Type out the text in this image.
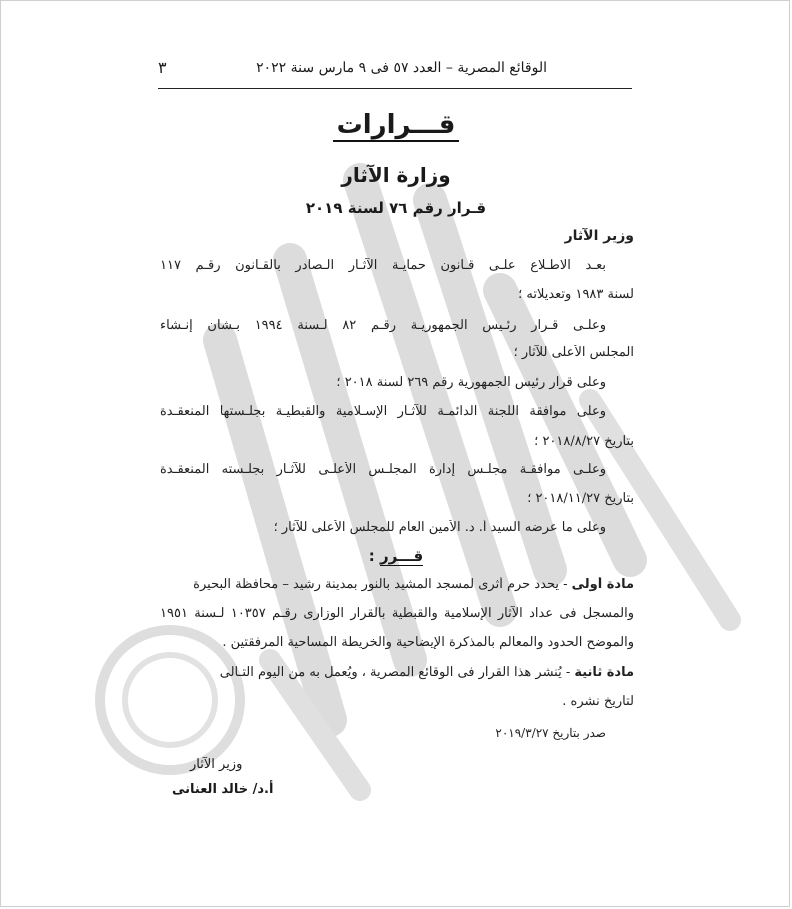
الوقائع المصرية – العدد ٥٧ فى ٩ مارس سنة ٢٠٢٢
٣
قـــرارات
وزارة الآثار
قـرار رقم ٧٦ لسنة ٢٠١٩
وزير الآثار
بعـد الاطـلاع علـى قـانون حمايـة الآثـار الـصادر بالقـانون رقـم ١١٧
لسنة ١٩٨٣ وتعديلاته ؛
وعلـى قـرار رئـيس الجمهوريـة رقـم ٨٢ لـسنة ١٩٩٤ بـشأن إنـشاء
المجلس الأعلى للآثار ؛
وعلى قرار رئيس الجمهورية رقم ٢٦٩ لسنة ٢٠١٨ ؛
وعلى موافقة اللجنة الدائمـة للآثـار الإسـلامية والقبطيـة بجلـستها المنعقـدة
بتاريخ ٢٠١٨/٨/٢٧ ؛
وعلـى موافقـة مجلـس إدارة المجلـس الأعلـى للآثـار بجلـسته المنعقـدة
بتاريخ ٢٠١٨/١١/٢٧ ؛
وعلى ما عرضه السيد أ. د. الأمين العام للمجلس الأعلى للآثار ؛
قـــرر :
مادة أولى - يحدد حرم أثرى لمسجد المشيد بالنور بمدينة رشيد – محافظة البحيرة
والمسجل فى عداد الآثار الإسلامية والقبطية بالقرار الوزارى رقـم ١٠٣٥٧ لـسنة ١٩٥١
والموضح الحدود والمعالم بالمذكرة الإيضاحية والخريطة المساحية المرفقتين .
مادة ثانية - يُنشر هذا القرار فى الوقائع المصرية ، ويُعمل به من اليوم التـالى
لتاريخ نشره .
صدر بتاريخ ٢٠١٩/٣/٢٧
وزير الآثار
أ.د/ خالد العنانى
